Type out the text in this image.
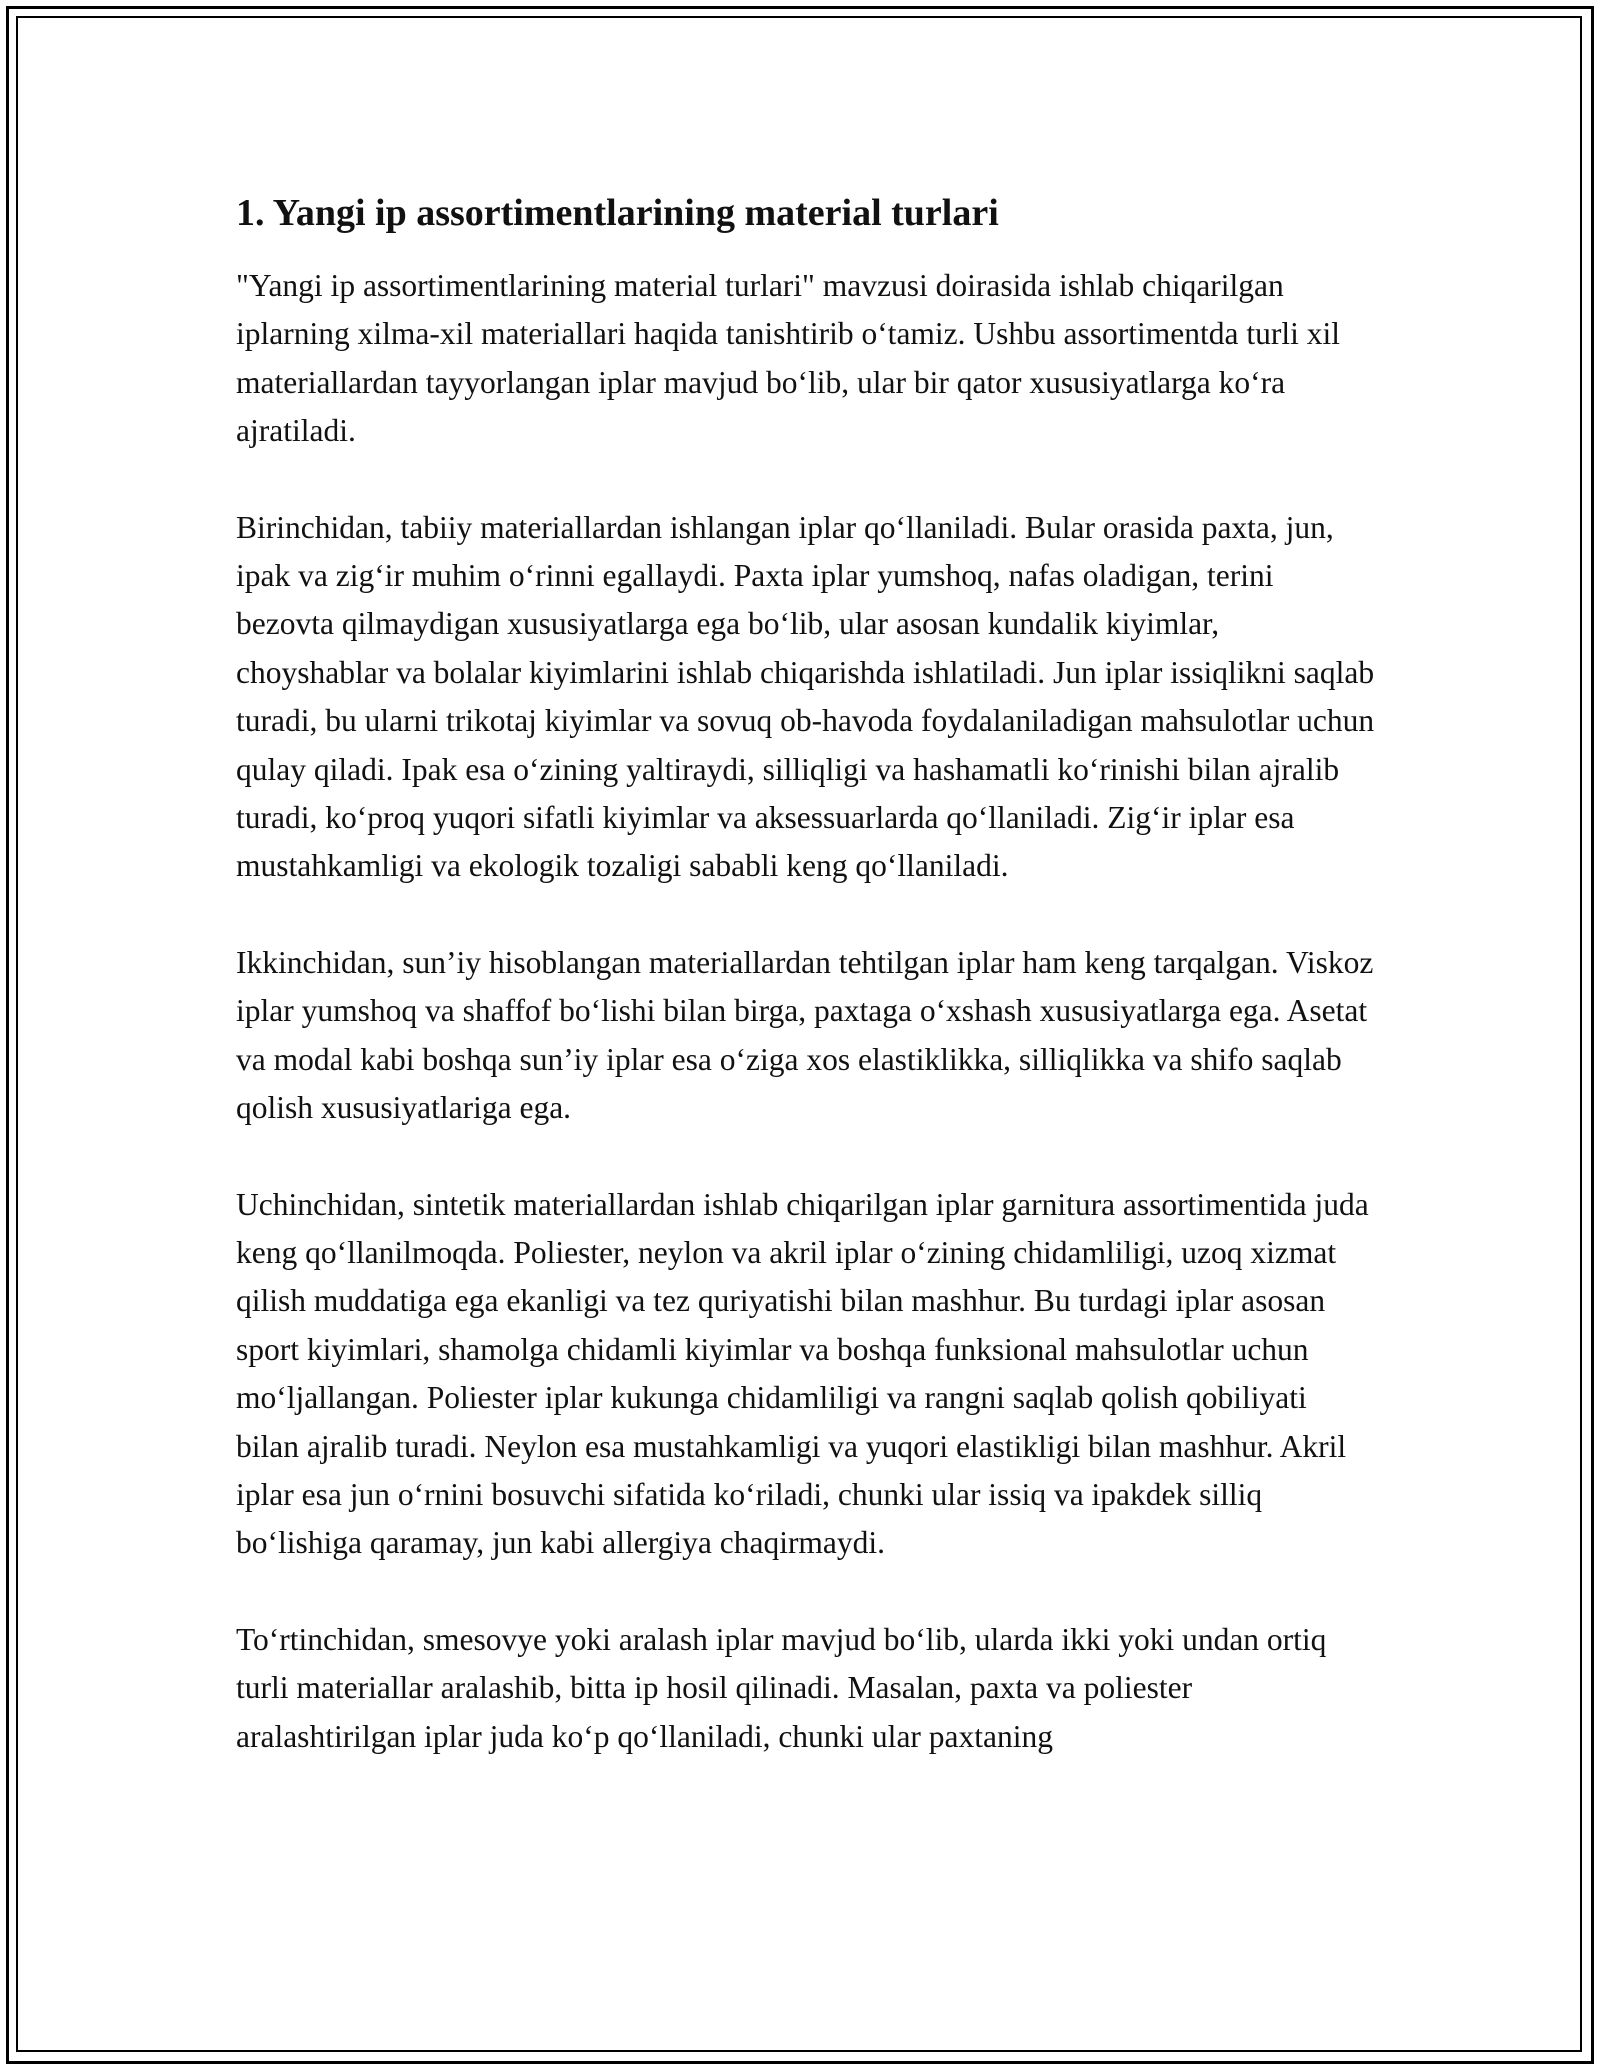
1. Yangi ip assortimentlarining material turlari

"Yangi ip assortimentlarining material turlari" mavzusi doirasida ishlab chiqarilgan iplarning xilma-xil materiallari haqida tanishtirib o‘tamiz. Ushbu assortimentda turli xil materiallardan tayyorlangan iplar mavjud bo‘lib, ular bir qator xususiyatlarga ko‘ra ajratiladi.

Birinchidan, tabiiy materiallardan ishlangan iplar qo‘llaniladi. Bular orasida paxta, jun, ipak va zig‘ir muhim o‘rinni egallaydi. Paxta iplar yumshoq, nafas oladigan, terini bezovta qilmaydigan xususiyatlarga ega bo‘lib, ular asosan kundalik kiyimlar, choyshablar va bolalar kiyimlarini ishlab chiqarishda ishlatiladi. Jun iplar issiqlikni saqlab turadi, bu ularni trikotaj kiyimlar va sovuq ob-havoda foydalaniladigan mahsulotlar uchun qulay qiladi. Ipak esa o‘zining yaltiraydi, silliqligi va hashamatli ko‘rinishi bilan ajralib turadi, ko‘proq yuqori sifatli kiyimlar va aksessuarlarda qo‘llaniladi. Zig‘ir iplar esa mustahkamligi va ekologik tozaligi sababli keng qo‘llaniladi.

Ikkinchidan, sun’iy hisoblangan materiallardan tehtilgan iplar ham keng tarqalgan. Viskoz iplar yumshoq va shaffof bo‘lishi bilan birga, paxtaga o‘xshash xususiyatlarga ega. Asetat va modal kabi boshqa sun’iy iplar esa o‘ziga xos elastiklikka, silliqlikka va shifo saqlab qolish xususiyatlariga ega.

Uchinchidan, sintetik materiallardan ishlab chiqarilgan iplar garnitura assortimentida juda keng qo‘llanilmoqda. Poliester, neylon va akril iplar o‘zining chidamliligi, uzoq xizmat qilish muddatiga ega ekanligi va tez quriyatishi bilan mashhur. Bu turdagi iplar asosan sport kiyimlari, shamolga chidamli kiyimlar va boshqa funksional mahsulotlar uchun mo‘ljallangan. Poliester iplar kukunga chidamliligi va rangni saqlab qolish qobiliyati bilan ajralib turadi. Neylon esa mustahkamligi va yuqori elastikligi bilan mashhur. Akril iplar esa jun o‘rnini bosuvchi sifatida ko‘riladi, chunki ular issiq va ipakdek silliq bo‘lishiga qaramay, jun kabi allergiya chaqirmaydi.

To‘rtinchidan, smesovye yoki aralash iplar mavjud bo‘lib, ularda ikki yoki undan ortiq turli materiallar aralashib, bitta ip hosil qilinadi. Masalan, paxta va poliester aralashtirilgan iplar juda ko‘p qo‘llaniladi, chunki ular paxtaning
